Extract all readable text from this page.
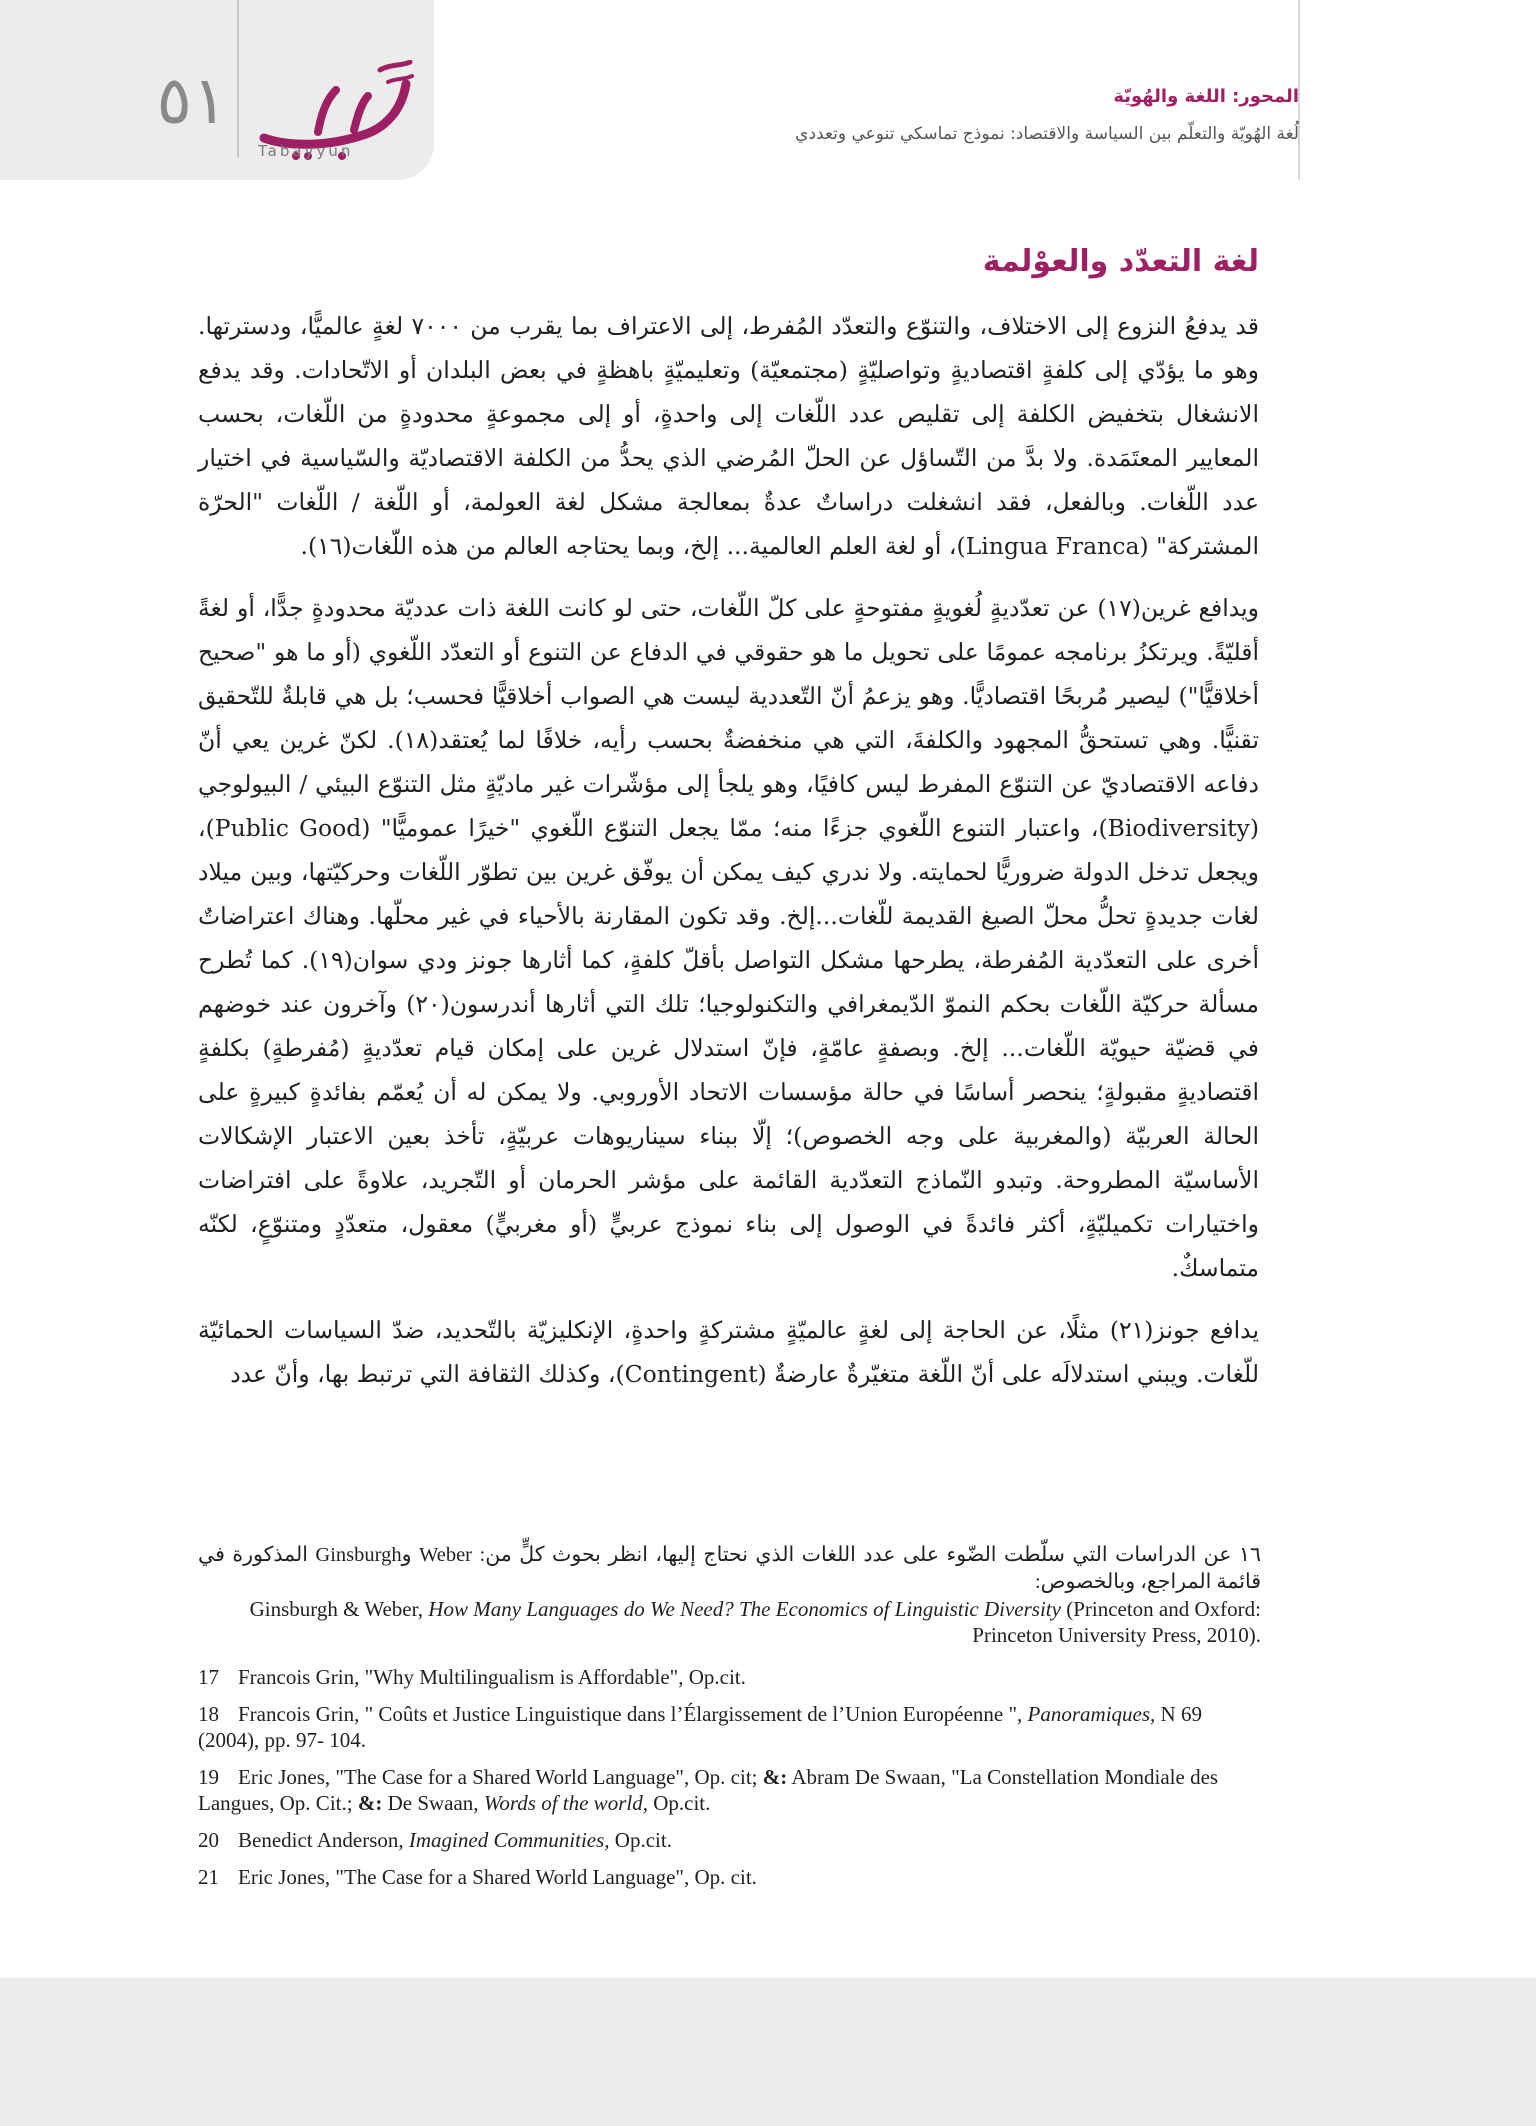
٥١
Tabayyun
المحور: اللغة والهُويّة
لُغة الهُويّة والتعلّم بين السياسة والاقتصاد: نموذج تماسكي تنوعي وتعددي
لغة التعدّد والعوْلمة

قد يدفعُ النزوع إلى الاختلاف، والتنوّع والتعدّد المُفرط، إلى الاعتراف بما يقرب من ٧٠٠٠ لغةٍ عالميًّا، ودسترتها. وهو ما يؤدّي إلى كلفةٍ اقتصاديةٍ وتواصليّةٍ (مجتمعيّة) وتعليميّةٍ باهظةٍ في بعض البلدان أو الاتّحادات. وقد يدفع الانشغال بتخفيض الكلفة إلى تقليص عدد اللّغات إلى واحدةٍ، أو إلى مجموعةٍ محدودةٍ من اللّغات، بحسب المعايير المعتَمَدة. ولا بدَّ من التّساؤل عن الحلّ المُرضي الذي يحدُّ من الكلفة الاقتصاديّة والسّياسية في اختيار عدد اللّغات. وبالفعل، فقد انشغلت دراساتٌ عدةٌ بمعالجة مشكل لغة العولمة، أو اللّغة / اللّغات "الحرّة المشتركة" (Lingua Franca)، أو لغة العلم العالمية... إلخ، وبما يحتاجه العالم من هذه اللّغات(١٦).

ويدافع غرين(١٧) عن تعدّديةٍ لُغويةٍ مفتوحةٍ على كلّ اللّغات، حتى لو كانت اللغة ذات عدديّة محدودةٍ جدًّا، أو لغةً أقليّةً. ويرتكزُ برنامجه عمومًا على تحويل ما هو حقوقي في الدفاع عن التنوع أو التعدّد اللّغوي (أو ما هو "صحيح أخلاقيًّا") ليصير مُربحًا اقتصاديًّا. وهو يزعمُ أنّ التّعددية ليست هي الصواب أخلاقيًّا فحسب؛ بل هي قابلةٌ للتّحقيق تقنيًّا. وهي تستحقُّ المجهود والكلفةَ، التي هي منخفضةٌ بحسب رأيه، خلافًا لما يُعتقد(١٨). لكنّ غرين يعي أنّ دفاعه الاقتصاديّ عن التنوّع المفرط ليس كافيًا، وهو يلجأ إلى مؤشّرات غير ماديّةٍ مثل التنوّع البيئي / البيولوجي (Biodiversity)، واعتبار التنوع اللّغوي جزءًا منه؛ ممّا يجعل التنوّع اللّغوي "خيرًا عموميًّا" (Public Good)، ويجعل تدخل الدولة ضروريًّا لحمايته. ولا ندري كيف يمكن أن يوفّق غرين بين تطوّر اللّغات وحركيّتها، وبين ميلاد لغات جديدةٍ تحلُّ محلّ الصيغ القديمة للّغات...إلخ. وقد تكون المقارنة بالأحياء في غير محلّها. وهناك اعتراضاتٌ أخرى على التعدّدية المُفرطة، يطرحها مشكل التواصل بأقلّ كلفةٍ، كما أثارها جونز ودي سوان(١٩). كما تُطرح مسألة حركيّة اللّغات بحكم النموّ الدّيمغرافي والتكنولوجيا؛ تلك التي أثارها أندرسون(٢٠) وآخرون عند خوضهم في قضيّة حيويّة اللّغات... إلخ. وبصفةٍ عامّةٍ، فإنّ استدلال غرين على إمكان قيام تعدّديةٍ (مُفرطةٍ) بكلفةٍ اقتصاديةٍ مقبولةٍ؛ ينحصر أساسًا في حالة مؤسسات الاتحاد الأوروبي. ولا يمكن له أن يُعمّم بفائدةٍ كبيرةٍ على الحالة العربيّة (والمغربية على وجه الخصوص)؛ إلّا ببناء سيناريوهات عربيّةٍ، تأخذ بعين الاعتبار الإشكالات الأساسيّة المطروحة. وتبدو النّماذج التعدّدية القائمة على مؤشر الحرمان أو التّجريد، علاوةً على افتراضات واختيارات تكميليّةٍ، أكثر فائدةً في الوصول إلى بناء نموذج عربيٍّ (أو مغربيٍّ) معقول، متعدّدٍ ومتنوّعٍ، لكنّه متماسكٌ.

يدافع جونز(٢١) مثلًا، عن الحاجة إلى لغةٍ عالميّةٍ مشتركةٍ واحدةٍ، الإنكليزيّة بالتّحديد، ضدّ السياسات الحمائيّة للّغات. ويبني استدلالَه على أنّ اللّغة متغيّرةٌ عارضةٌ (Contingent)، وكذلك الثقافة التي ترتبط بها، وأنّ عدد

١٦ عن الدراسات التي سلّطت الضّوء على عدد اللغات الذي نحتاج إليها، انظر بحوث كلٍّ من: Weber وGinsburgh المذكورة في قائمة المراجع، وبالخصوص:
Ginsburgh & Weber, How Many Languages do We Need? The Economics of Linguistic Diversity (Princeton and Oxford: Princeton University Press, 2010).
17 Francois Grin, "Why Multilingualism is Affordable", Op.cit.
18 Francois Grin, " Coûts et Justice Linguistique dans l’Élargissement de l’Union Européenne ", Panoramiques, N 69 (2004), pp. 97- 104.
19 Eric Jones, "The Case for a Shared World Language", Op. cit; &: Abram De Swaan, "La Constellation Mondiale des Langues, Op. Cit.; &: De Swaan, Words of the world, Op.cit.
20 Benedict Anderson, Imagined Communities, Op.cit.
21 Eric Jones, "The Case for a Shared World Language", Op. cit.
